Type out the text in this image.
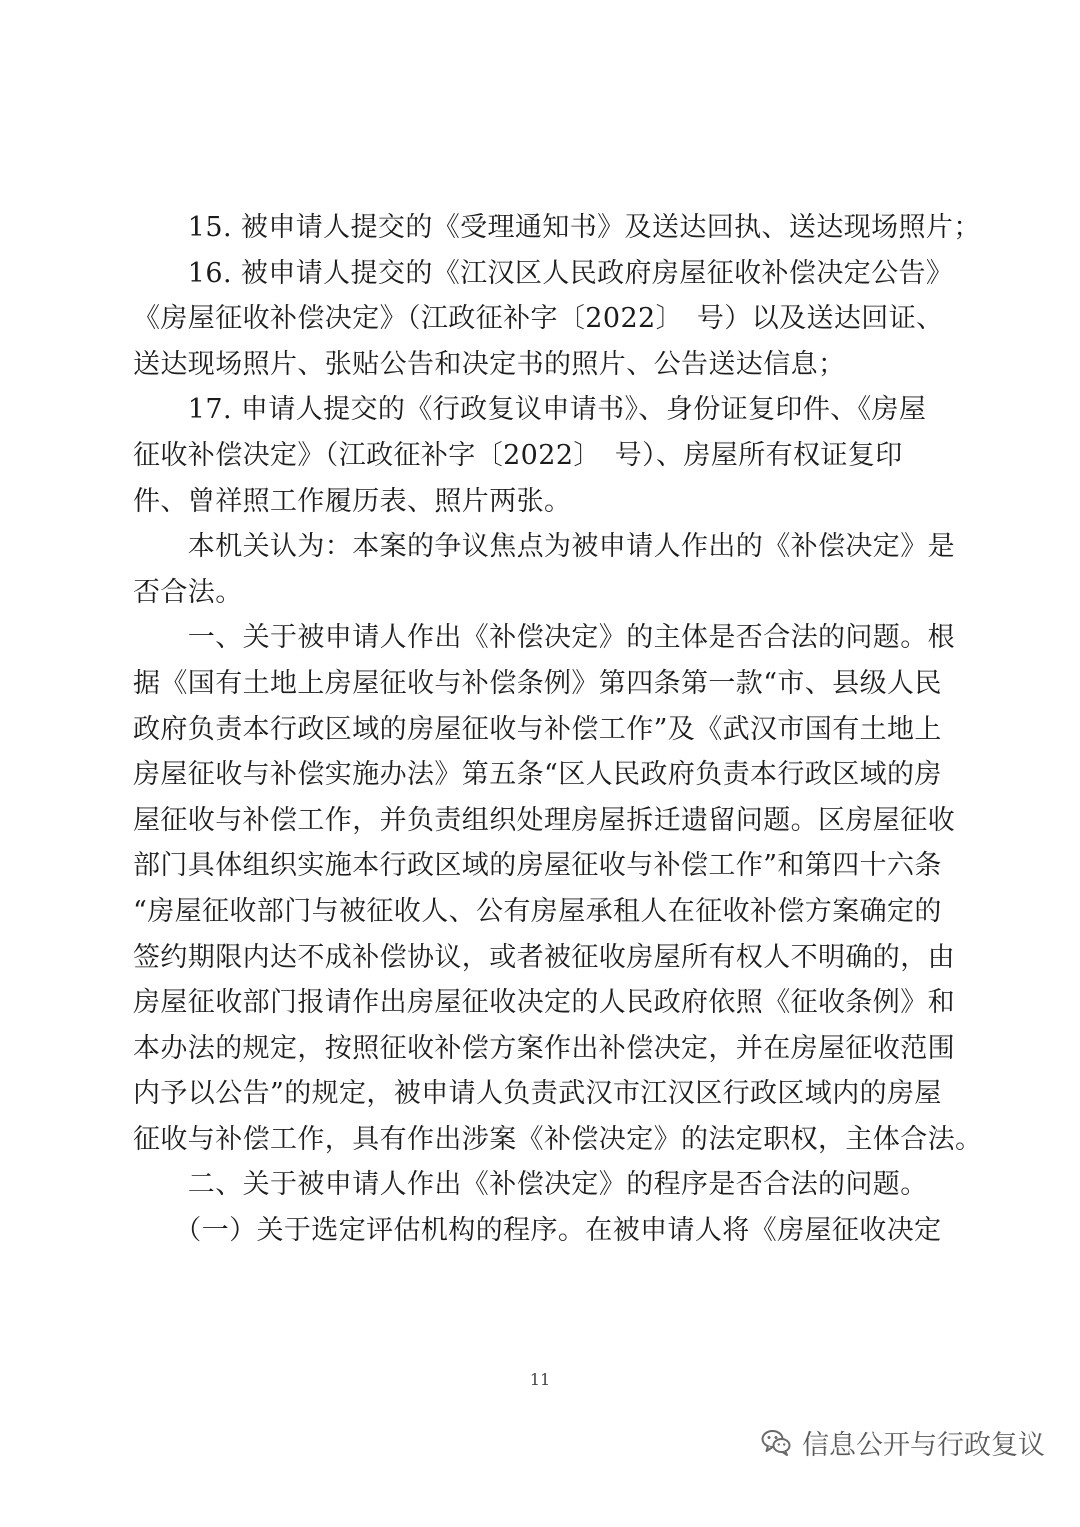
　　15. 被申请人提交的《受理通知书》及送达回执、送达现场照片；
　　16. 被申请人提交的《江汉区人民政府房屋征收补偿决定公告》
《房屋征收补偿决定》（江政征补字〔2022〕　号）以及送达回证、
送达现场照片、张贴公告和决定书的照片、公告送达信息；
　　17. 申请人提交的《行政复议申请书》、身份证复印件、《房屋
征收补偿决定》（江政征补字〔2022〕　号）、房屋所有权证复印
件、曾祥照工作履历表、照片两张。
　　本机关认为：本案的争议焦点为被申请人作出的《补偿决定》是
否合法。
　　一、关于被申请人作出《补偿决定》的主体是否合法的问题。根
据《国有土地上房屋征收与补偿条例》第四条第一款“市、县级人民
政府负责本行政区域的房屋征收与补偿工作”及《武汉市国有土地上
房屋征收与补偿实施办法》第五条“区人民政府负责本行政区域的房
屋征收与补偿工作，并负责组织处理房屋拆迁遗留问题。区房屋征收
部门具体组织实施本行政区域的房屋征收与补偿工作”和第四十六条
“房屋征收部门与被征收人、公有房屋承租人在征收补偿方案确定的
签约期限内达不成补偿协议，或者被征收房屋所有权人不明确的，由
房屋征收部门报请作出房屋征收决定的人民政府依照《征收条例》和
本办法的规定，按照征收补偿方案作出补偿决定，并在房屋征收范围
内予以公告”的规定，被申请人负责武汉市江汉区行政区域内的房屋
征收与补偿工作，具有作出涉案《补偿决定》的法定职权，主体合法。
　　二、关于被申请人作出《补偿决定》的程序是否合法的问题。
　　（一）关于选定评估机构的程序。在被申请人将《房屋征收决定
11
信息公开与行政复议
